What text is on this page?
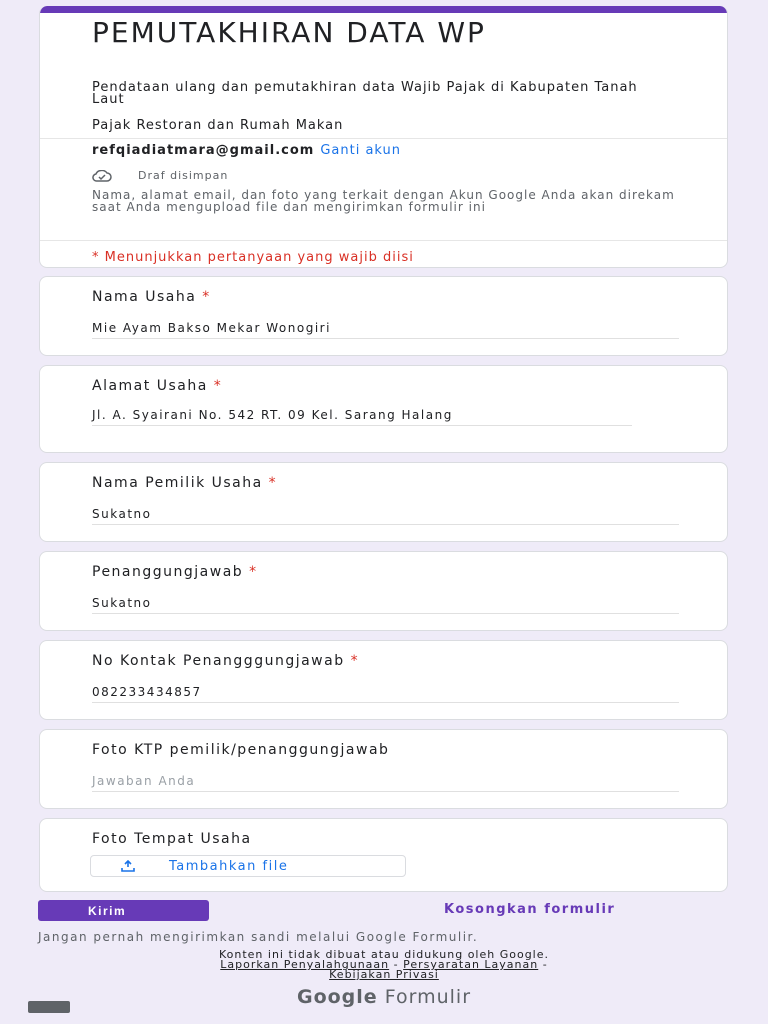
PEMUTAKHIRAN DATA WP
Pendataan ulang dan pemutakhiran data Wajib Pajak di Kabupaten Tanah Laut
Pajak Restoran dan Rumah Makan
refqiadiatmara@gmail.com Ganti akun
Draf disimpan
Nama, alamat email, dan foto yang terkait dengan Akun Google Anda akan direkam saat Anda mengupload file dan mengirimkan formulir ini
* Menunjukkan pertanyaan yang wajib diisi
Nama Usaha *
Mie Ayam Bakso Mekar Wonogiri
Alamat Usaha *
Jl. A. Syairani No. 542 RT. 09 Kel. Sarang Halang
Nama Pemilik Usaha *
Sukatno
Penanggungjawab *
Sukatno
No Kontak Penangggungjawab *
082233434857
Foto KTP pemilik/penanggungjawab
Jawaban Anda
Foto Tempat Usaha
Tambahkan file
Kirim	Kosongkan formulir
Jangan pernah mengirimkan sandi melalui Google Formulir.
Konten ini tidak dibuat atau didukung oleh Google.
Laporkan Penyalahgunaan - Persyaratan Layanan -
Kebijakan Privasi
Google Formulir
